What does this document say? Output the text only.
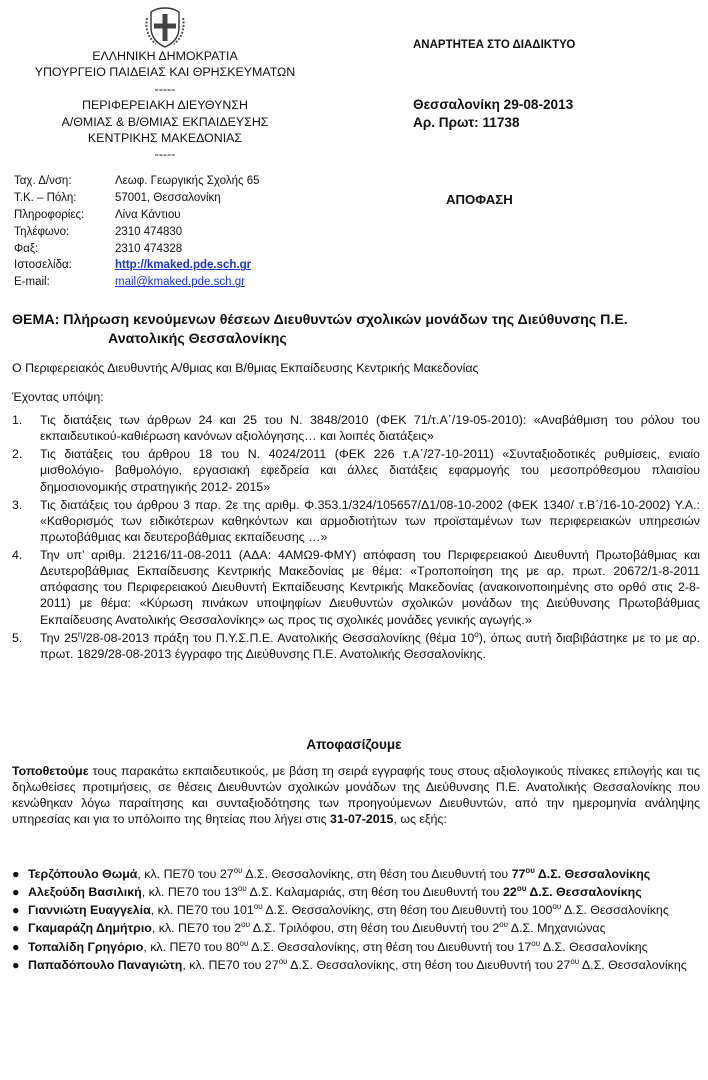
ΕΛΛΗΝΙΚΗ ΔΗΜΟΚΡΑΤΙΑ
ΥΠΟΥΡΓΕΙΟ ΠΑΙΔΕΙΑΣ ΚΑΙ ΘΡΗΣΚΕΥΜΑΤΩΝ
-----
ΠΕΡΙΦΕΡΕΙΑΚΗ ΔΙΕΥΘΥΝΣΗ
Α/ΘΜΙΑΣ & Β/ΘΜΙΑΣ ΕΚΠΑΙΔΕΥΣΗΣ
ΚΕΝΤΡΙΚΗΣ ΜΑΚΕΔΟΝΙΑΣ
-----
ΑΝΑΡΤΗΤΕΑ ΣΤΟ ΔΙΑΔΙΚΤΥΟ
Θεσσαλονίκη 29-08-2013
Αρ. Πρωτ: 11738
ΑΠΟΦΑΣΗ
Ταχ. Δ/νση:	Λεωφ. Γεωργικής Σχολής 65
Τ.Κ. – Πόλη:	57001, Θεσσαλονίκη
Πληροφορίες:	Λίνα Κάντιου
Τηλέφωνο:	2310 474830
Φαξ:	2310 474328
Ιστοσελίδα:	http://kmaked.pde.sch.gr
E-mail:	mail@kmaked.pde.sch.gr
ΘΕΜΑ: Πλήρωση κενούμενων θέσεων Διευθυντών σχολικών μονάδων της Διεύθυνσης Π.Ε.
Ανατολικής Θεσσαλονίκης
Ο Περιφερειακός Διευθυντής Α/θμιας και Β/θμιας Εκπαίδευσης Κεντρικής Μακεδονίας
Έχοντας υπόψη:
1. Τις διατάξεις των άρθρων 24 και 25 του Ν. 3848/2010 (ΦΕΚ 71/τ.Α΄/19-05-2010): «Αναβάθμιση του ρόλου του εκπαιδευτικού-καθιέρωση κανόνων αξιολόγησης… και λοιπές διατάξεις»
2. Τις διατάξεις του άρθρου 18 του Ν. 4024/2011 (ΦΕΚ 226 τ.Α΄/27-10-2011) «Συνταξιοδοτικές ρυθμίσεις, ενιαίο μισθολόγιο- βαθμολόγιο, εργασιακή εφεδρεία και άλλες διατάξεις εφαρμογής του μεσοπρόθεσμου πλαισίου δημοσιονομικής στρατηγικής 2012- 2015»
3. Τις διατάξεις του άρθρου 3 παρ. 2ε της αριθμ. Φ.353.1/324/105657/Δ1/08-10-2002 (ΦΕΚ 1340/ τ.Β΄/16-10-2002) Υ.Α.: «Καθορισμός των ειδικότερων καθηκόντων και αρμοδιοτήτων των προϊσταμένων των περιφερειακών υπηρεσιών πρωτοβάθμιας και δευτεροβάθμιας εκπαίδευσης …»
4. Την υπ’ αριθμ. 21216/11-08-2011 (ΑΔΑ: 4ΑΜΩ9-ΦΜΥ) απόφαση του Περιφερειακού Διευθυντή Πρωτοβάθμιας και Δευτεροβάθμιας Εκπαίδευσης Κεντρικής Μακεδονίας με θέμα: «Τροποποίηση της με αρ. πρωτ. 20672/1-8-2011 απόφασης του Περιφερειακού Διευθυντή Εκπαίδευσης Κεντρικής Μακεδονίας (ανακοινοποιημένης στο ορθό στις 2-8-2011) με θέμα: «Κύρωση πινάκων υποψηφίων Διευθυντών σχολικών μονάδων της Διεύθυνσης Πρωτοβάθμιας Εκπαίδευσης Ανατολικής Θεσσαλονίκης» ως προς τις σχολικές μονάδες γενικής αγωγής.»
5. Την $25^\eta/28-08-2013$ πράξη του Π.Υ.Σ.Π.Ε. Ανατολικής Θεσσαλονίκης (θέμα $10^o$), όπως αυτή διαβιβάστηκε με το με αρ. πρωτ. 1829/28-08-2013 έγγραφο της Διεύθυνσης Π.Ε. Ανατολικής Θεσσαλονίκης.
Αποφασίζουμε
Τοποθετούμε τους παρακάτω εκπαιδευτικούς, με βάση τη σειρά εγγραφής τους στους αξιολογικούς πίνακες επιλογής και τις δηλωθείσες προτιμήσεις, σε θέσεις Διευθυντών σχολικών μονάδων της Διεύθυνσης Π.Ε. Ανατολικής Θεσσαλονίκης που κενώθηκαν λόγω παραίτησης και συνταξιοδότησης των προηγούμενων Διευθυντών, από την ημερομηνία ανάληψης υπηρεσίας και για το υπόλοιπο της θητείας που λήγει στις 31-07-2015, ως εξής:
● Τερζόπουλο Θωμά, κλ. ΠΕ70 του $27^{o\upsilon}$ Δ.Σ. Θεσσαλονίκης, στη θέση του Διευθυντή του $77^{o\upsilon}$ Δ.Σ. Θεσσαλονίκης
● Αλεξούδη Βασιλική, κλ. ΠΕ70 του $13^{o\upsilon}$ Δ.Σ. Καλαμαριάς, στη θέση του Διευθυντή του $22^{o\upsilon}$ Δ.Σ. Θεσσαλονίκης
● Γιαννιώτη Ευαγγελία, κλ. ΠΕ70 του $101^{o\upsilon}$ Δ.Σ. Θεσσαλονίκης, στη θέση του Διευθυντή του $100^{o\upsilon}$ Δ.Σ. Θεσσαλονίκης
● Γκαμαράζη Δημήτριο, κλ. ΠΕ70 του $2^{o\upsilon}$ Δ.Σ. Τριλόφου, στη θέση του Διευθυντή του $2^{o\upsilon}$ Δ.Σ. Μηχανιώνας
● Τοπαλίδη Γρηγόριο, κλ. ΠΕ70 του $80^{o\upsilon}$ Δ.Σ. Θεσσαλονίκης, στη θέση του Διευθυντή του $17^{o\upsilon}$ Δ.Σ. Θεσσαλονίκης
● Παπαδόπουλο Παναγιώτη, κλ. ΠΕ70 του $27^{o\upsilon}$ Δ.Σ. Θεσσαλονίκης, στη θέση του Διευθυντή του $27^{o\upsilon}$ Δ.Σ. Θεσσαλονίκης
